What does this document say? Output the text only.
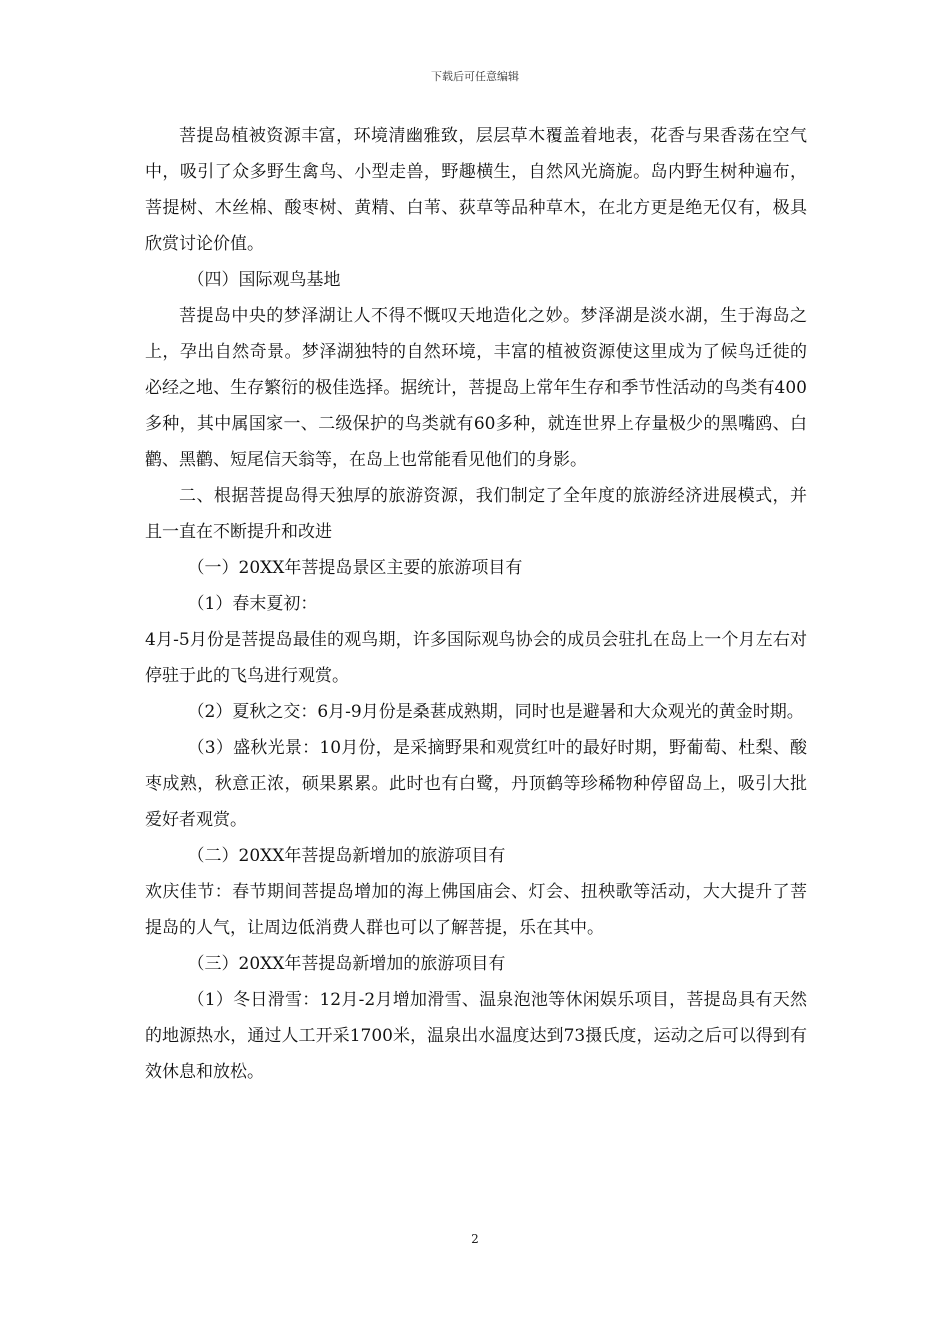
下载后可任意编辑

菩提岛植被资源丰富，环境清幽雅致，层层草木覆盖着地表，花香与果香荡在空气中，吸引了众多野生禽鸟、小型走兽，野趣横生，自然风光旖旎。岛内野生树种遍布，菩提树、木丝棉、酸枣树、黄精、白苇、荻草等品种草木，在北方更是绝无仅有，极具欣赏讨论价值。

（四）国际观鸟基地

菩提岛中央的梦泽湖让人不得不慨叹天地造化之妙。梦泽湖是淡水湖，生于海岛之上，孕出自然奇景。梦泽湖独特的自然环境，丰富的植被资源使这里成为了候鸟迁徙的必经之地、生存繁衍的极佳选择。据统计，菩提岛上常年生存和季节性活动的鸟类有400多种，其中属国家一、二级保护的鸟类就有60多种，就连世界上存量极少的黑嘴鸥、白鹳、黑鹳、短尾信天翁等，在岛上也常能看见他们的身影。

二、根据菩提岛得天独厚的旅游资源，我们制定了全年度的旅游经济进展模式，并且一直在不断提升和改进

（一）20XX年菩提岛景区主要的旅游项目有

（1）春末夏初：

4月-5月份是菩提岛最佳的观鸟期，许多国际观鸟协会的成员会驻扎在岛上一个月左右对停驻于此的飞鸟进行观赏。

（2）夏秋之交：6月-9月份是桑葚成熟期，同时也是避暑和大众观光的黄金时期。

（3）盛秋光景：10月份，是采摘野果和观赏红叶的最好时期，野葡萄、杜梨、酸枣成熟，秋意正浓，硕果累累。此时也有白鹭，丹顶鹤等珍稀物种停留岛上，吸引大批爱好者观赏。

（二）20XX年菩提岛新增加的旅游项目有

欢庆佳节：春节期间菩提岛增加的海上佛国庙会、灯会、扭秧歌等活动，大大提升了菩提岛的人气，让周边低消费人群也可以了解菩提，乐在其中。

（三）20XX年菩提岛新增加的旅游项目有

（1）冬日滑雪：12月-2月增加滑雪、温泉泡池等休闲娱乐项目，菩提岛具有天然的地源热水，通过人工开采1700米，温泉出水温度达到73摄氏度，运动之后可以得到有效休息和放松。

2
